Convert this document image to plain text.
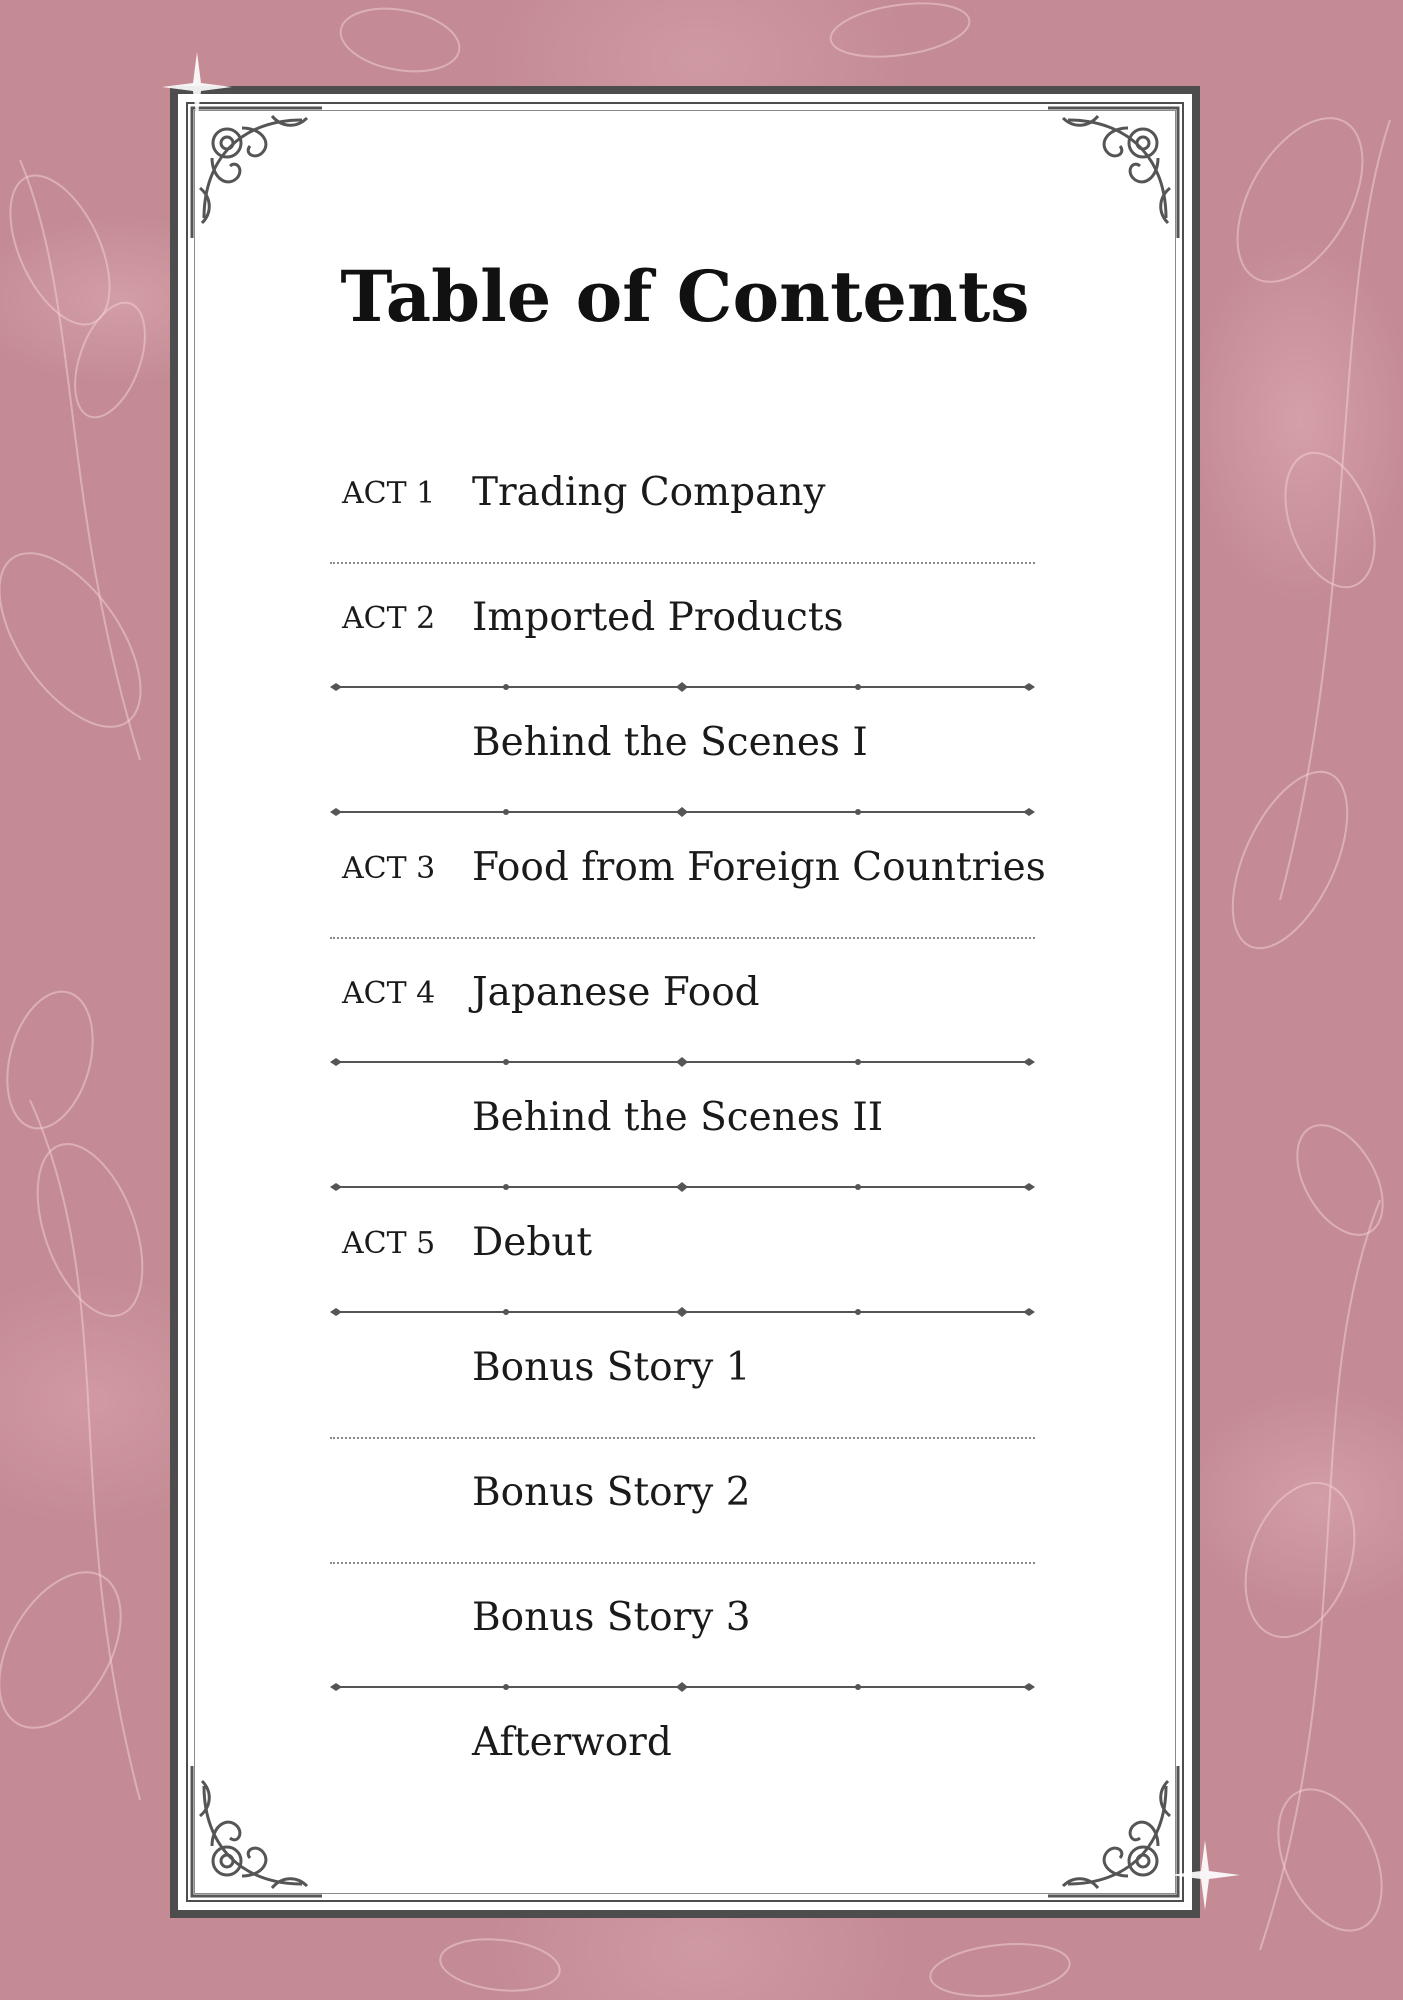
Table of Contents
ACT 1 Trading Company
ACT 2 Imported Products
Behind the Scenes I
ACT 3 Food from Foreign Countries
ACT 4 Japanese Food
Behind the Scenes II
ACT 5 Debut
Bonus Story 1
Bonus Story 2
Bonus Story 3
Afterword
